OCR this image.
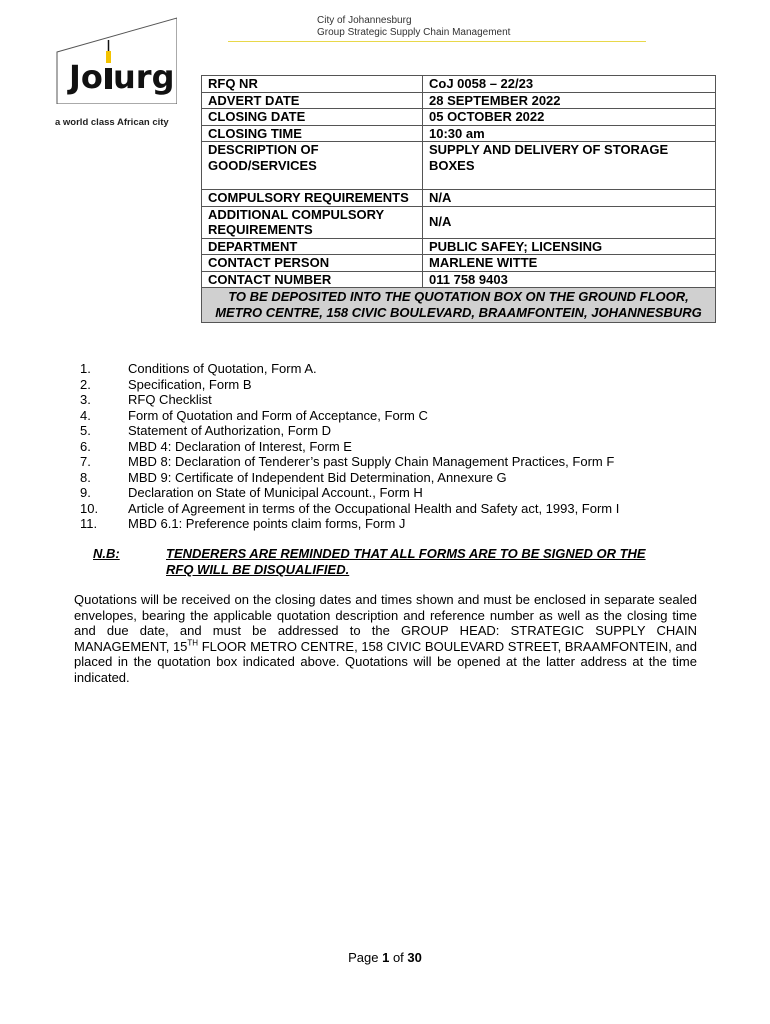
City of Johannesburg
Group Strategic Supply Chain Management
Jo urg
a world class African city
RFQ NR	CoJ 0058 – 22/23
ADVERT DATE	28 SEPTEMBER 2022
CLOSING DATE	05 OCTOBER 2022
CLOSING TIME	10:30 am
DESCRIPTION OF GOOD/SERVICES	SUPPLY AND DELIVERY OF STORAGE BOXES
COMPULSORY REQUIREMENTS	N/A
ADDITIONAL COMPULSORY REQUIREMENTS	N/A
DEPARTMENT	PUBLIC SAFEY; LICENSING
CONTACT PERSON	MARLENE WITTE
CONTACT NUMBER	011 758 9403
TO BE DEPOSITED INTO THE QUOTATION BOX ON THE GROUND FLOOR, METRO CENTRE, 158 CIVIC BOULEVARD, BRAAMFONTEIN, JOHANNESBURG	
1.	Conditions of Quotation, Form A.
2.	Specification, Form B
3.	RFQ Checklist
4.	Form of Quotation and Form of Acceptance, Form C
5.	Statement of Authorization, Form D
6.	MBD 4: Declaration of Interest, Form E
7.	MBD 8: Declaration of Tenderer’s past Supply Chain Management Practices, Form F
8.	MBD 9: Certificate of Independent Bid Determination, Annexure G
9.	Declaration on State of Municipal Account., Form H
10.	Article of Agreement in terms of the Occupational Health and Safety act, 1993, Form I
11.	MBD 6.1: Preference points claim forms, Form J
N.B:	TENDERERS ARE REMINDED THAT ALL FORMS ARE TO BE SIGNED OR THE RFQ WILL BE DISQUALIFIED.
Quotations will be received on the closing dates and times shown and must be enclosed in separate sealed envelopes, bearing the applicable quotation description and reference number as well as the closing time and due date, and must be addressed to the GROUP HEAD: STRATEGIC SUPPLY CHAIN MANAGEMENT, 15TH FLOOR METRO CENTRE, 158 CIVIC BOULEVARD STREET, BRAAMFONTEIN, and placed in the quotation box indicated above. Quotations will be opened at the latter address at the time indicated.
Page 1 of 30
